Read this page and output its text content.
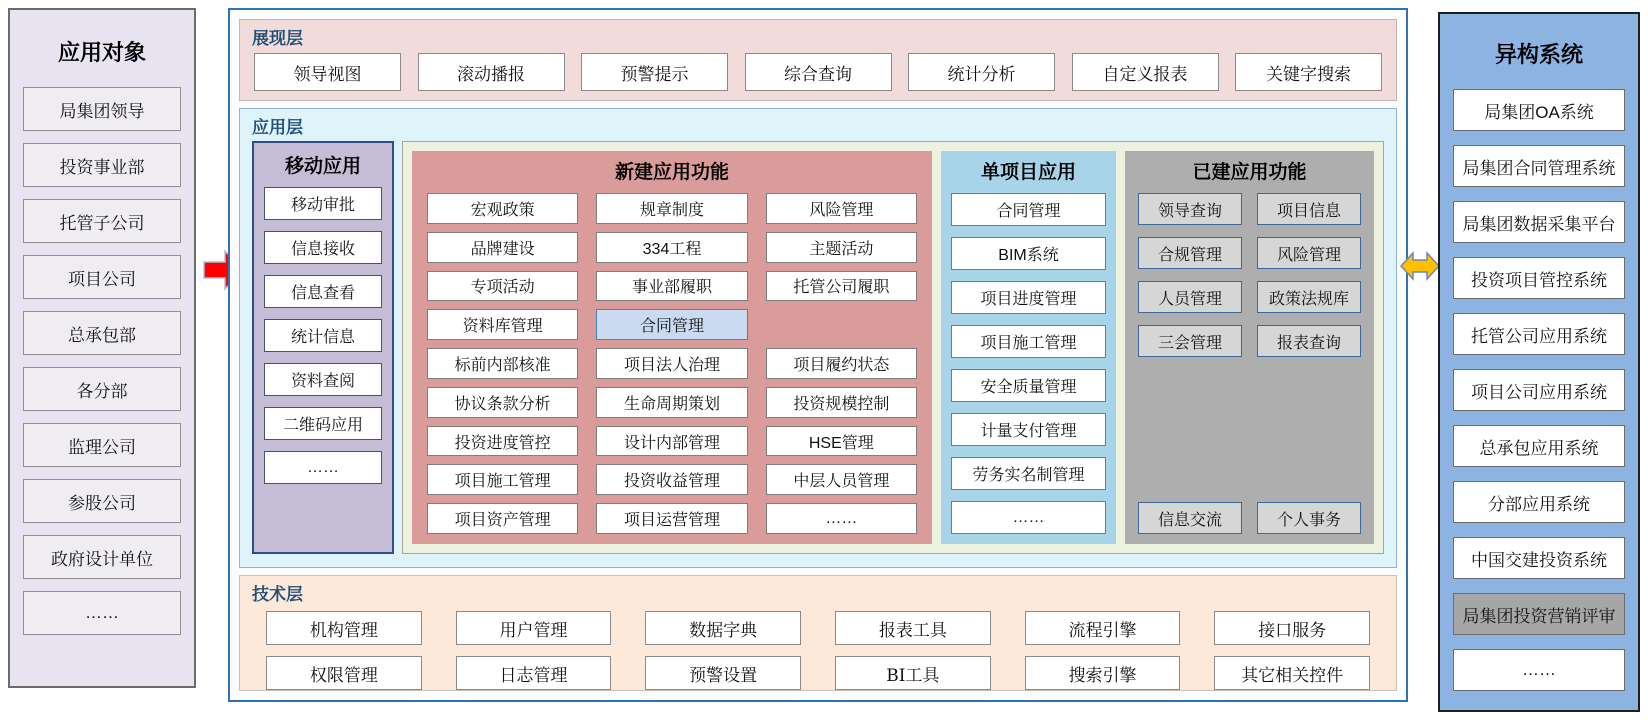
应用对象
局集团领导
投资事业部
托管子公司
项目公司
总承包部
各分部
监理公司
参股公司
政府设计单位
……
展现层
领导视图	滚动播报	预警提示	综合查询	统计分析	自定义报表	关键字搜索
应用层
移动应用
移动审批
信息接收
信息查看
统计信息
资料查阅
二维码应用
……
新建应用功能
宏观政策	规章制度	风险管理
品牌建设	334工程	主题活动
专项活动	事业部履职	托管公司履职
资料库管理	合同管理
标前内部核准	项目法人治理	项目履约状态
协议条款分析	生命周期策划	投资规模控制
投资进度管控	设计内部管理	HSE管理
项目施工管理	投资收益管理	中层人员管理
项目资产管理	项目运营管理	……
单项目应用
合同管理
BIM系统
项目进度管理
项目施工管理
安全质量管理
计量支付管理
劳务实名制管理
……
已建应用功能
领导查询	项目信息
合规管理	风险管理
人员管理	政策法规库
三会管理	报表查询
信息交流	个人事务
技术层
机构管理	用户管理	数据字典	报表工具	流程引擎	接口服务
权限管理	日志管理	预警设置	BI工具	搜索引擎	其它相关控件
异构系统
局集团OA系统
局集团合同管理系统
局集团数据采集平台
投资项目管控系统
托管公司应用系统
项目公司应用系统
总承包应用系统
分部应用系统
中国交建投资系统
局集团投资营销评审
……
